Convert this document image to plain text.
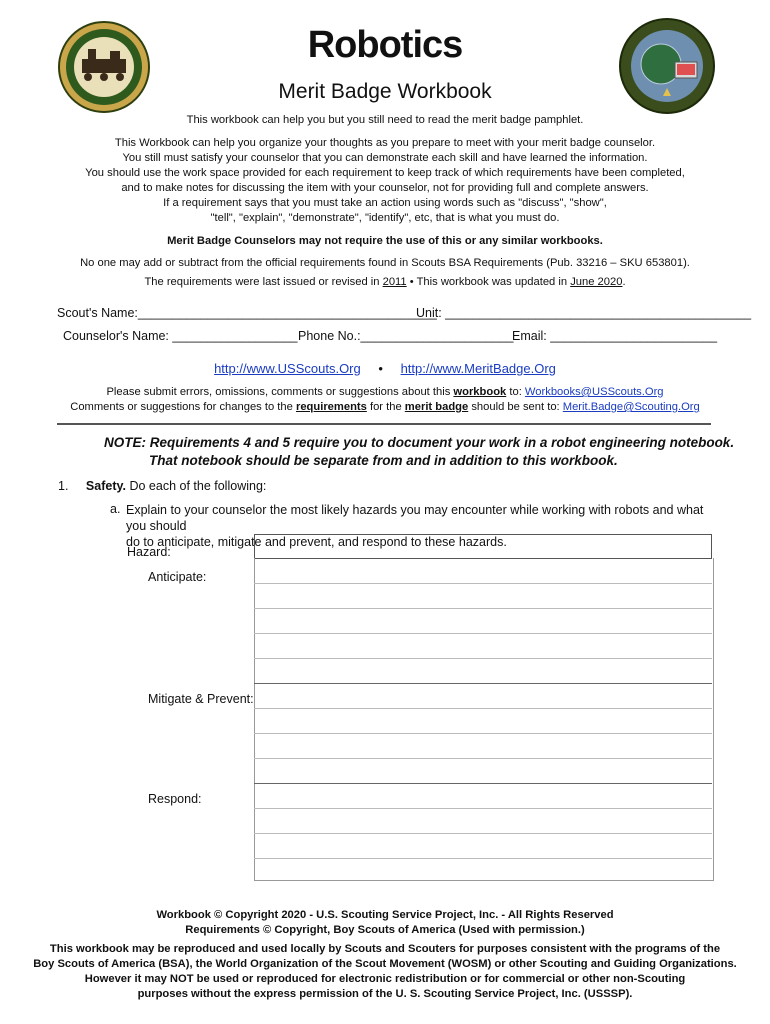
Robotics
Merit Badge Workbook
This workbook can help you but you still need to read the merit badge pamphlet.
This Workbook can help you organize your thoughts as you prepare to meet with your merit badge counselor.
You still must satisfy your counselor that you can demonstrate each skill and have learned the information.
You should use the work space provided for each requirement to keep track of which requirements have been completed,
and to make notes for discussing the item with your counselor, not for providing full and complete answers.
If a requirement says that you must take an action using words such as "discuss", "show",
"tell", "explain", "demonstrate", "identify", etc, that is what you must do.
Merit Badge Counselors may not require the use of this or any similar workbooks.
No one may add or subtract from the official requirements found in Scouts BSA Requirements (Pub. 33216 – SKU 653801).
The requirements were last issued or revised in 2011 • This workbook was updated in June 2020.
Scout's Name:___________________________________________
Unit: ____________________________________________
Counselor's Name: __________________ Phone No.:______________________
Email: ________________________
http://www.USScouts.Org • http://www.MeritBadge.Org
Please submit errors, omissions, comments or suggestions about this workbook to: Workbooks@USScouts.Org
Comments or suggestions for changes to the requirements for the merit badge should be sent to: Merit.Badge@Scouting.Org
NOTE: Requirements 4 and 5 require you to document your work in a robot engineering notebook.
That notebook should be separate from and in addition to this workbook.
1. Safety. Do each of the following:
a. Explain to your counselor the most likely hazards you may encounter while working with robots and what you should
do to anticipate, mitigate and prevent, and respond to these hazards.
Hazard:
Anticipate:
Mitigate & Prevent:
Respond:
Workbook © Copyright 2020 - U.S. Scouting Service Project, Inc. - All Rights Reserved
Requirements © Copyright, Boy Scouts of America (Used with permission.)
This workbook may be reproduced and used locally by Scouts and Scouters for purposes consistent with the programs of the
Boy Scouts of America (BSA), the World Organization of the Scout Movement (WOSM) or other Scouting and Guiding Organizations.
However it may NOT be used or reproduced for electronic redistribution or for commercial or other non-Scouting
purposes without the express permission of the U. S. Scouting Service Project, Inc. (USSSP).
